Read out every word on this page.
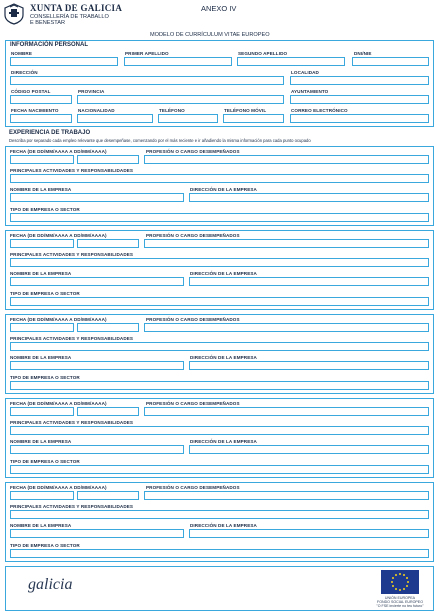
XUNTA DE GALICIA
CONSELLERÍA DE TRABALLO
E BENESTAR
ANEXO IV
MODELO DE CURRÍCULUM VITAE EUROPEO
INFORMACIÓN PERSONAL
NOMBRE	PRIMER APELLIDO	SEGUNDO APELLIDO	DNI/NIE
DIRECCIÓN	LOCALIDAD
CÓDIGO POSTAL	PROVINCIA	AYUNTAMIENTO
FECHA NACIMIENTO	NACIONALIDAD	TELÉFONO	TELÉFONO MÓVIL	CORREO ELECTRÓNICO
EXPERIENCIA DE TRABAJO
Describa por separado cada empleo relevante que desempeñase, comenzando por el más reciente e ir añadiendo la misma información para cada punto ocupado
FECHA (DE DD/MM/AAAA A DD/MM/AAAA)	PROFESIÓN O CARGO DESEMPEÑADOS
PRINCIPALES ACTIVIDADES Y RESPONSABILIDADES
NOMBRE DE LA EMPRESA	DIRECCIÓN DE LA EMPRESA
TIPO DE EMPRESA O SECTOR
FECHA (DE DD/MM/AAAA A DD/MM/AAAA)	PROFESIÓN O CARGO DESEMPEÑADOS
PRINCIPALES ACTIVIDADES Y RESPONSABILIDADES
NOMBRE DE LA EMPRESA	DIRECCIÓN DE LA EMPRESA
TIPO DE EMPRESA O SECTOR
FECHA (DE DD/MM/AAAA A DD/MM/AAAA)	PROFESIÓN O CARGO DESEMPEÑADOS
PRINCIPALES ACTIVIDADES Y RESPONSABILIDADES
NOMBRE DE LA EMPRESA	DIRECCIÓN DE LA EMPRESA
TIPO DE EMPRESA O SECTOR
FECHA (DE DD/MM/AAAA A DD/MM/AAAA)	PROFESIÓN O CARGO DESEMPEÑADOS
PRINCIPALES ACTIVIDADES Y RESPONSABILIDADES
NOMBRE DE LA EMPRESA	DIRECCIÓN DE LA EMPRESA
TIPO DE EMPRESA O SECTOR
FECHA (DE DD/MM/AAAA A DD/MM/AAAA)	PROFESIÓN O CARGO DESEMPEÑADOS
PRINCIPALES ACTIVIDADES Y RESPONSABILIDADES
NOMBRE DE LA EMPRESA	DIRECCIÓN DE LA EMPRESA
TIPO DE EMPRESA O SECTOR
galicia
UNIÓN EUROPEA
FONDO SOCIAL EUROPEO
"O FSE invierte no teu futuro"
